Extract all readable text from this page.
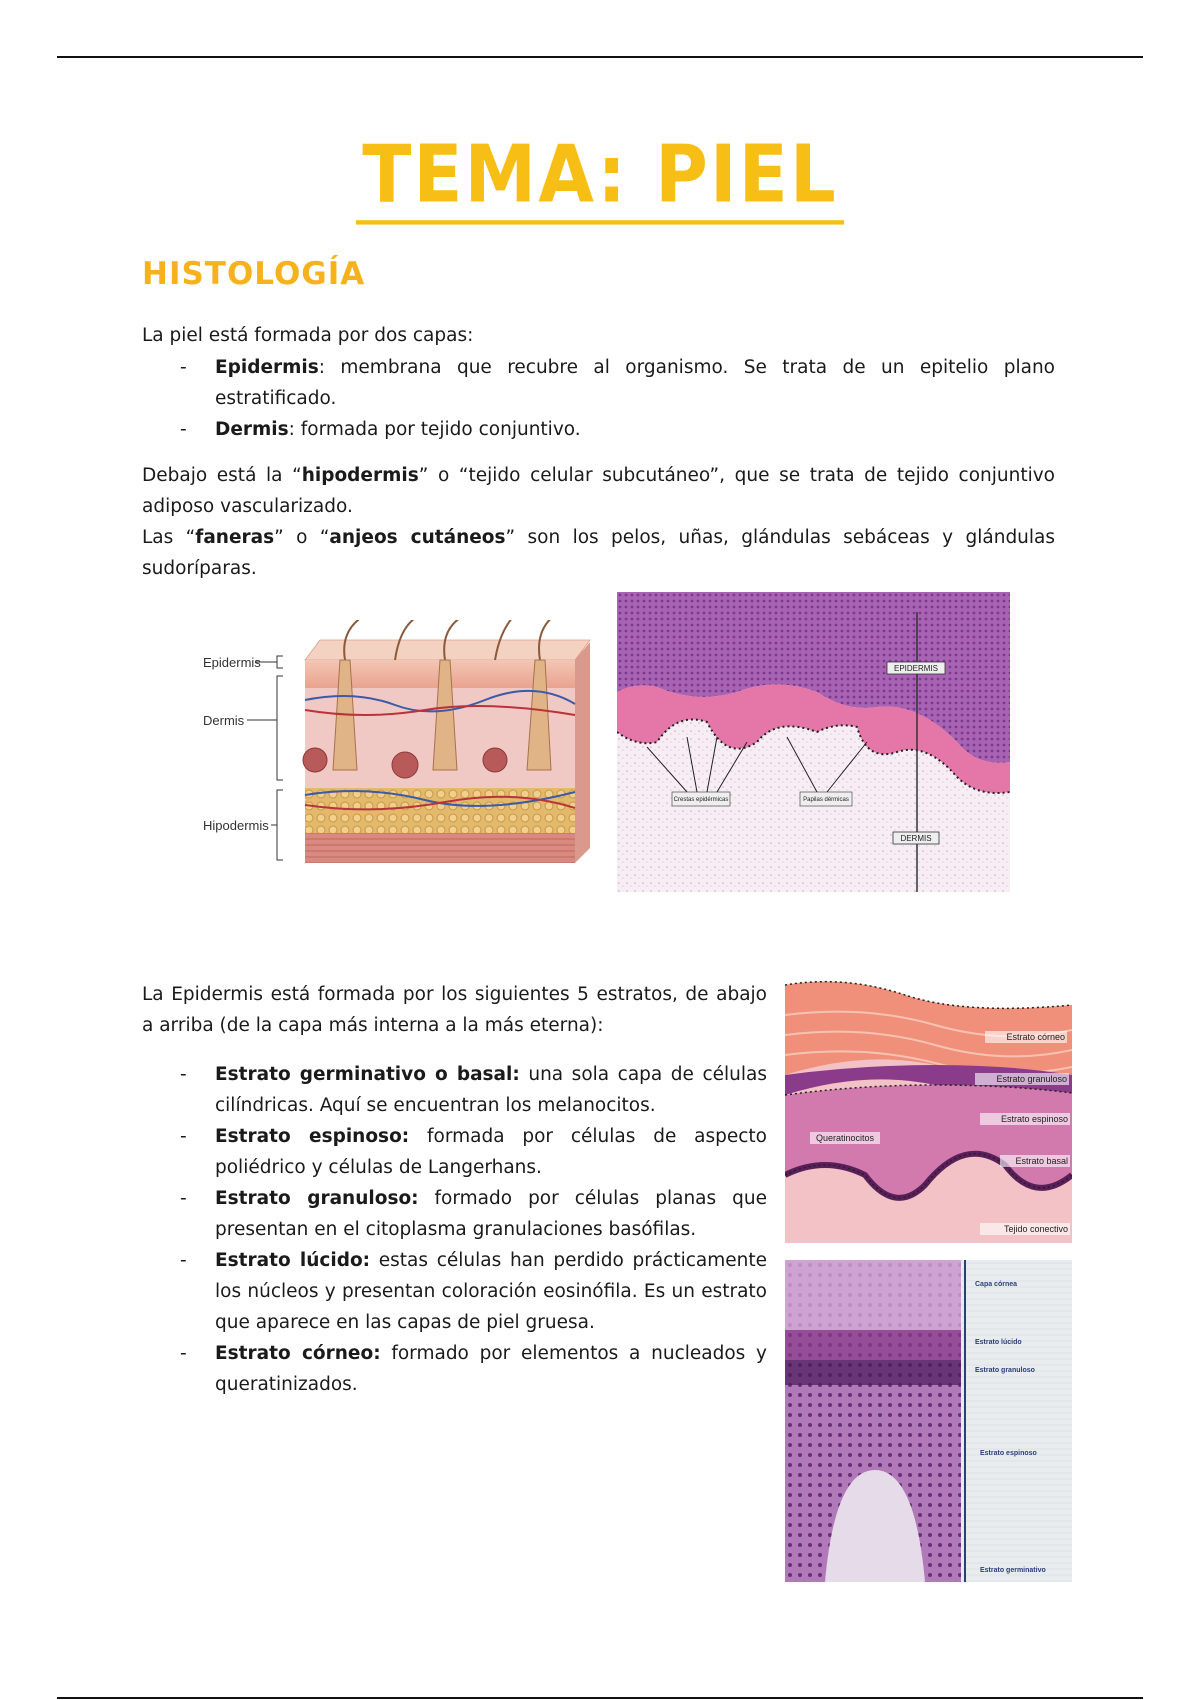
TEMA: PIEL
HISTOLOGÍA
La piel está formada por dos capas:
- Epidermis: membrana que recubre al organismo. Se trata de un epitelio plano estratificado.
- Dermis: formada por tejido conjuntivo.
Debajo está la “hipodermis” o “tejido celular subcutáneo”, que se trata de tejido conjuntivo adiposo vascularizado.
Las “faneras” o “anjeos cutáneos” son los pelos, uñas, glándulas sebáceas y glándulas sudoríparas.
Epidermis
Dermis
Hipodermis
EPIDERMIS
DERMIS
Crestas epidérmicas	Papilas dérmicas
La Epidermis está formada por los siguientes 5 estratos, de abajo a arriba (de la capa más interna a la más eterna):
- Estrato germinativo o basal: una sola capa de células cilíndricas. Aquí se encuentran los melanocitos.
- Estrato espinoso: formada por células de aspecto poliédrico y células de Langerhans.
- Estrato granuloso: formado por células planas que presentan en el citoplasma granulaciones basófilas.
- Estrato lúcido: estas células han perdido prácticamente los núcleos y presentan coloración eosinófila. Es un estrato que aparece en las capas de piel gruesa.
- Estrato córneo: formado por elementos a nucleados y queratinizados.
Estrato córneo
Estrato granuloso
Estrato espinoso
Estrato basal
Queratinocitos
Tejido conectivo
Capa córnea
Estrato lúcido
Estrato granuloso
Estrato espinoso
Estrato germinativo
